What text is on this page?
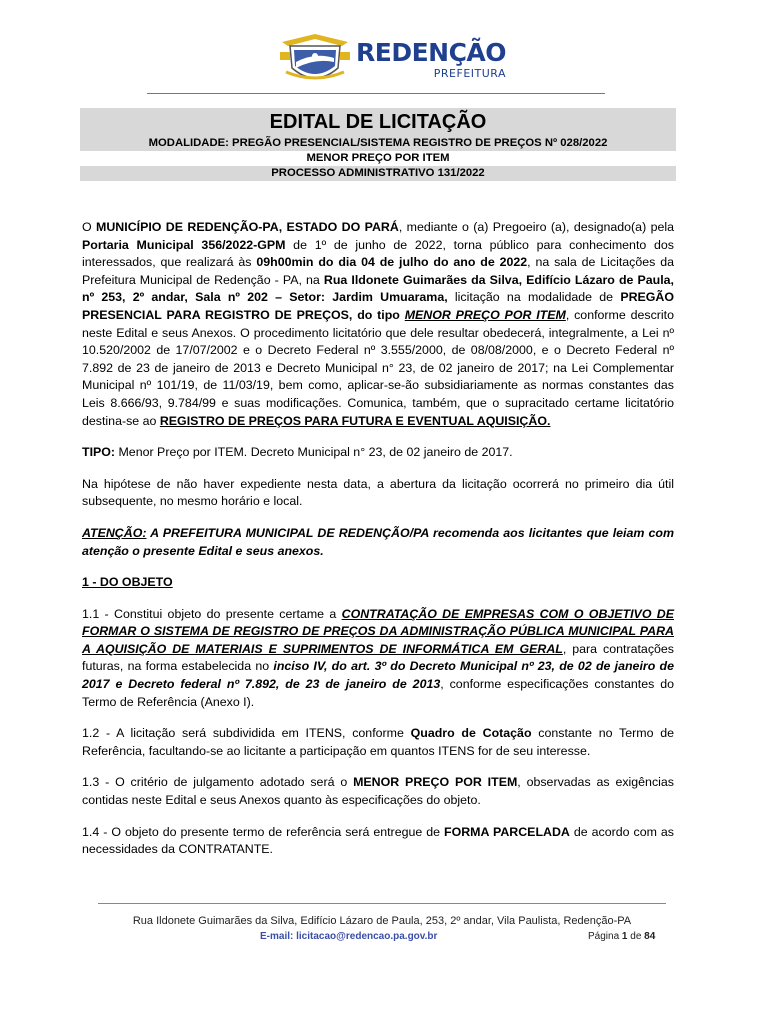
REDENÇÃO
PREFEITURA
EDITAL DE LICITAÇÃO
MODALIDADE: PREGÃO PRESENCIAL/SISTEMA REGISTRO DE PREÇOS Nº 028/2022
MENOR PREÇO POR ITEM
PROCESSO ADMINISTRATIVO 131/2022

O MUNICÍPIO DE REDENÇÃO-PA, ESTADO DO PARÁ, mediante o (a) Pregoeiro (a), designado(a) pela Portaria Municipal 356/2022-GPM de 1º de junho de 2022, torna público para conhecimento dos interessados, que realizará às 09h00min do dia 04 de julho do ano de 2022, na sala de Licitações da Prefeitura Municipal de Redenção - PA, na Rua Ildonete Guimarães da Silva, Edifício Lázaro de Paula, nº 253, 2º andar, Sala nº 202 – Setor: Jardim Umuarama, licitação na modalidade de PREGÃO PRESENCIAL PARA REGISTRO DE PREÇOS, do tipo MENOR PREÇO POR ITEM, conforme descrito neste Edital e seus Anexos. O procedimento licitatório que dele resultar obedecerá, integralmente, a Lei nº 10.520/2002 de 17/07/2002 e o Decreto Federal nº 3.555/2000, de 08/08/2000, e o Decreto Federal nº 7.892 de 23 de janeiro de 2013 e Decreto Municipal n° 23, de 02 janeiro de 2017; na Lei Complementar Municipal nº 101/19, de 11/03/19, bem como, aplicar-se-ão subsidiariamente as normas constantes das Leis 8.666/93, 9.784/99 e suas modificações. Comunica, também, que o supracitado certame licitatório destina-se ao REGISTRO DE PREÇOS PARA FUTURA E EVENTUAL AQUISIÇÃO.

TIPO: Menor Preço por ITEM. Decreto Municipal n° 23, de 02 janeiro de 2017.

Na hipótese de não haver expediente nesta data, a abertura da licitação ocorrerá no primeiro dia útil subsequente, no mesmo horário e local.

ATENÇÃO: A PREFEITURA MUNICIPAL DE REDENÇÃO/PA recomenda aos licitantes que leiam com atenção o presente Edital e seus anexos.

1 - DO OBJETO

1.1 - Constitui objeto do presente certame a CONTRATAÇÃO DE EMPRESAS COM O OBJETIVO DE FORMAR O SISTEMA DE REGISTRO DE PREÇOS DA ADMINISTRAÇÃO PÚBLICA MUNICIPAL PARA A AQUISIÇÃO DE MATERIAIS E SUPRIMENTOS DE INFORMÁTICA EM GERAL, para contratações futuras, na forma estabelecida no inciso IV, do art. 3º do Decreto Municipal nº 23, de 02 de janeiro de 2017 e Decreto federal nº 7.892, de 23 de janeiro de 2013, conforme especificações constantes do Termo de Referência (Anexo I).

1.2 - A licitação será subdividida em ITENS, conforme Quadro de Cotação constante no Termo de Referência, facultando-se ao licitante a participação em quantos ITENS for de seu interesse.

1.3 - O critério de julgamento adotado será o MENOR PREÇO POR ITEM, observadas as exigências contidas neste Edital e seus Anexos quanto às especificações do objeto.

1.4 - O objeto do presente termo de referência será entregue de FORMA PARCELADA de acordo com as necessidades da CONTRATANTE.

Rua Ildonete Guimarães da Silva, Edifício Lázaro de Paula, 253, 2º andar, Vila Paulista, Redenção-PA
E-mail: licitacao@redencao.pa.gov.br	Página 1 de 84
